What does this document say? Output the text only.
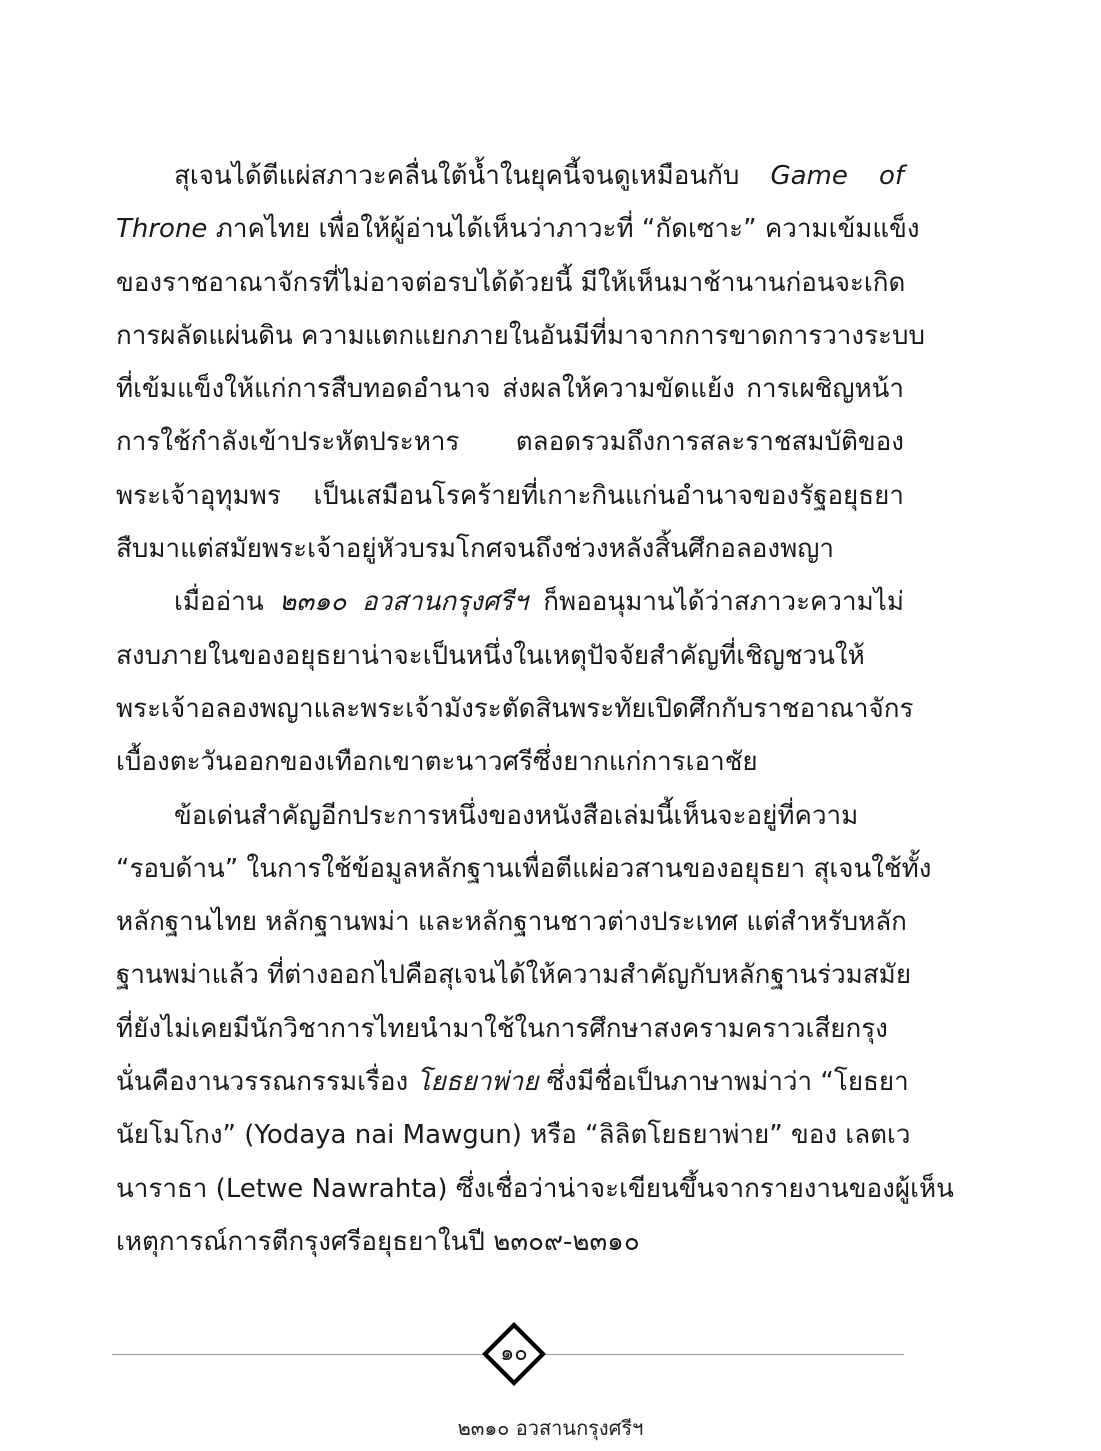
สุเจนได้ตีแผ่สภาวะคลื่นใต้น้ำในยุคนี้จนดูเหมือนกับ Game of
Throne ภาคไทย เพื่อให้ผู้อ่านได้เห็นว่าภาวะที่ “กัดเซาะ” ความเข้มแข็ง
ของราชอาณาจักรที่ไม่อาจต่อรบได้ด้วยนี้ มีให้เห็นมาช้านานก่อนจะเกิด
การผลัดแผ่นดิน ความแตกแยกภายในอันมีที่มาจากการขาดการวางระบบ
ที่เข้มแข็งให้แก่การสืบทอดอำนาจ ส่งผลให้ความขัดแย้ง การเผชิญหน้า
การใช้กำลังเข้าประหัตประหาร ตลอดรวมถึงการสละราชสมบัติของ
พระเจ้าอุทุมพร เป็นเสมือนโรคร้ายที่เกาะกินแก่นอำนาจของรัฐอยุธยา
สืบมาแต่สมัยพระเจ้าอยู่หัวบรมโกศจนถึงช่วงหลังสิ้นศึกอลองพญา
เมื่ออ่าน ๒๓๑๐ อวสานกรุงศรีฯ ก็พออนุมานได้ว่าสภาวะความไม่
สงบภายในของอยุธยาน่าจะเป็นหนึ่งในเหตุปัจจัยสำคัญที่เชิญชวนให้
พระเจ้าอลองพญาและพระเจ้ามังระตัดสินพระทัยเปิดศึกกับราชอาณาจักร
เบื้องตะวันออกของเทือกเขาตะนาวศรีซึ่งยากแก่การเอาชัย
ข้อเด่นสำคัญอีกประการหนึ่งของหนังสือเล่มนี้เห็นจะอยู่ที่ความ
“รอบด้าน” ในการใช้ข้อมูลหลักฐานเพื่อตีแผ่อวสานของอยุธยา สุเจนใช้ทั้ง
หลักฐานไทย หลักฐานพม่า และหลักฐานชาวต่างประเทศ แต่สำหรับหลัก
ฐานพม่าแล้ว ที่ต่างออกไปคือสุเจนได้ให้ความสำคัญกับหลักฐานร่วมสมัย
ที่ยังไม่เคยมีนักวิชาการไทยนำมาใช้ในการศึกษาสงครามคราวเสียกรุง
นั่นคืองานวรรณกรรมเรื่อง โยธยาพ่าย ซึ่งมีชื่อเป็นภาษาพม่าว่า “โยธยา
นัยโมโกง” (Yodaya nai Mawgun) หรือ “ลิลิตโยธยาพ่าย” ของ เลตเว
นาราธา (Letwe Nawrahta) ซึ่งเชื่อว่าน่าจะเขียนขึ้นจากรายงานของผู้เห็น
เหตุการณ์การตีกรุงศรีอยุธยาในปี ๒๓๐๙-๒๓๑๐
๑๐
๒๓๑๐ อวสานกรุงศรีฯ
